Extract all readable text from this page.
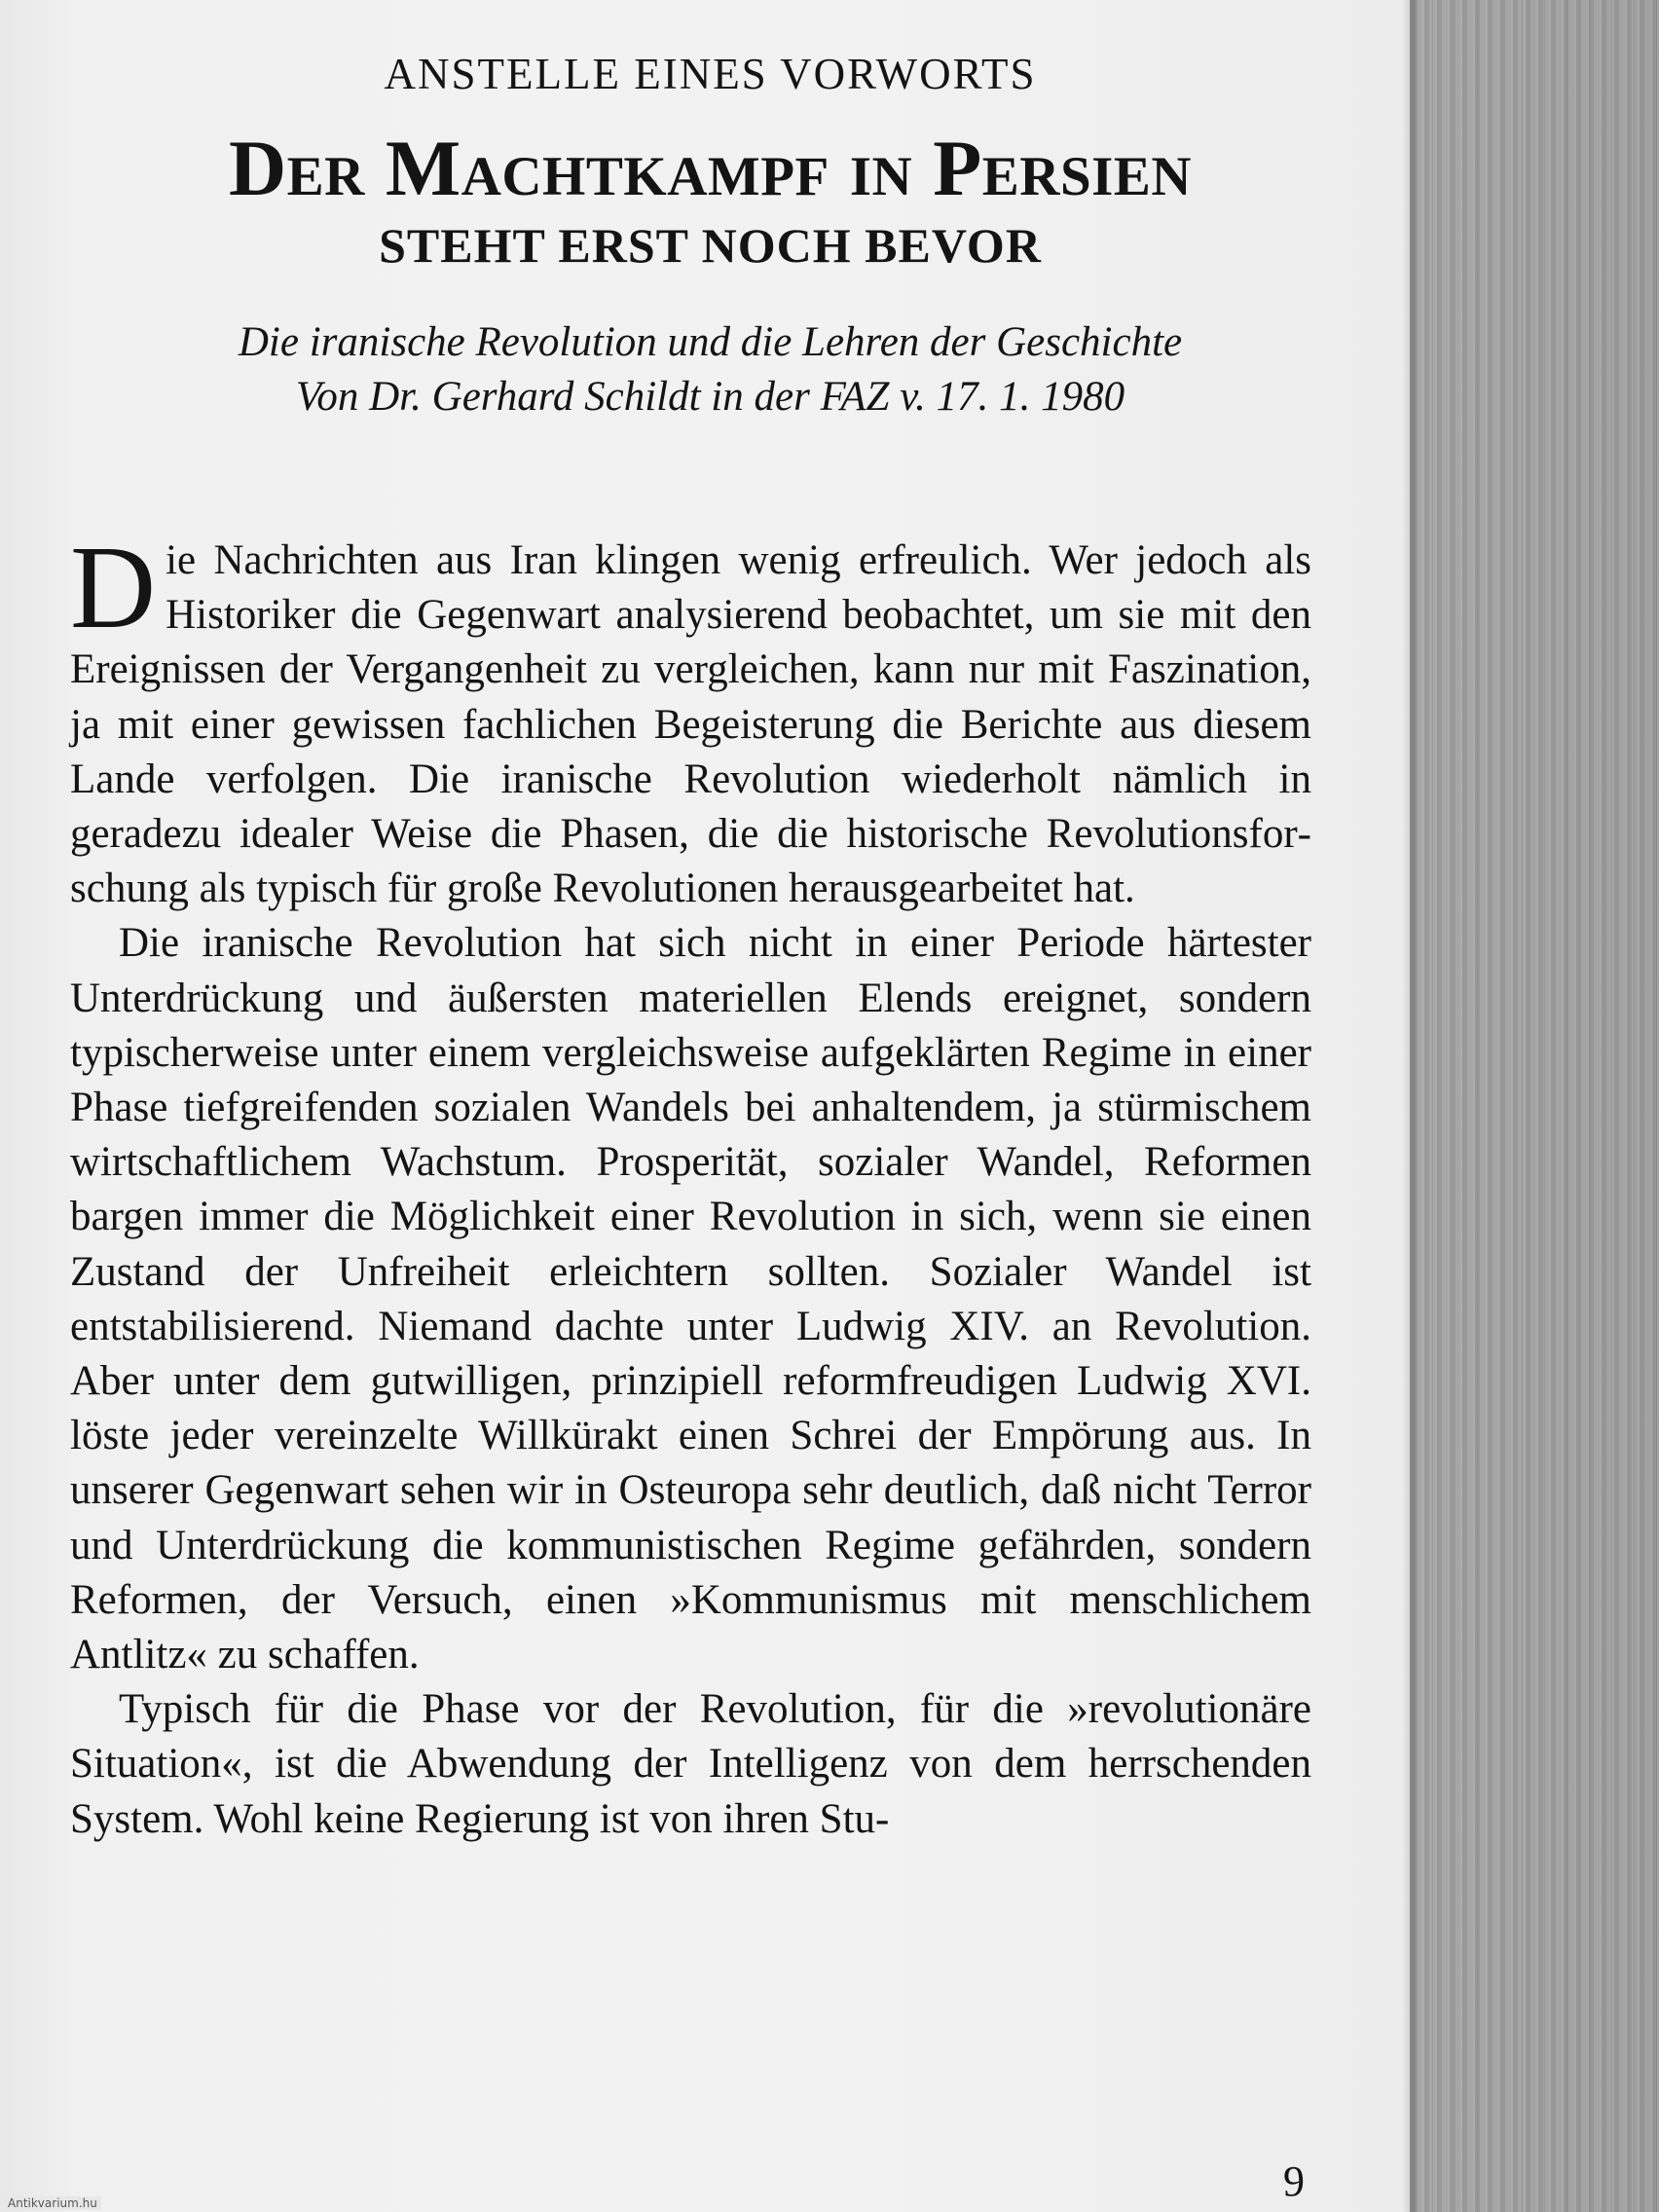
ANSTELLE EINES VORWORTS

Der Machtkampf in Persien
STEHT ERST NOCH BEVOR
Die iranische Revolution und die Lehren der Geschichte
Von Dr. Gerhard Schildt in der FAZ v. 17. 1. 1980

Die Nachrichten aus Iran klingen wenig erfreulich. Wer jedoch als Historiker die Gegenwart analysierend beobachtet, um sie mit den Ereignissen der Vergangenheit zu vergleichen, kann nur mit Faszination, ja mit einer gewissen fachlichen Begeisterung die Berichte aus diesem Lande verfolgen. Die iranische Revolution wiederholt nämlich in geradezu idealer Weise die Phasen, die die historische Revolutionsforschung als typisch für große Revolutionen herausgearbeitet hat.

Die iranische Revolution hat sich nicht in einer Periode härtester Unterdrückung und äußersten materiellen Elends ereignet, sondern typischerweise unter einem vergleichsweise aufgeklärten Regime in einer Phase tiefgreifenden sozialen Wandels bei anhaltendem, ja stürmischem wirtschaftlichem Wachstum. Prosperität, sozialer Wandel, Reformen bargen immer die Möglichkeit einer Revolution in sich, wenn sie einen Zustand der Unfreiheit erleichtern sollten. Sozialer Wandel ist entstabilisierend. Niemand dachte unter Ludwig XIV. an Revolution. Aber unter dem gutwilligen, prinzipiell reformfreudigen Ludwig XVI. löste jeder vereinzelte Willkürakt einen Schrei der Empörung aus. In unserer Gegenwart sehen wir in Osteuropa sehr deutlich, daß nicht Terror und Unterdrückung die kommunistischen Regime gefährden, sondern Reformen, der Versuch, einen »Kommunismus mit menschlichem Antlitz« zu schaffen.

Typisch für die Phase vor der Revolution, für die »revolutionäre Situation«, ist die Abwendung der Intelligenz von dem herrschenden System. Wohl keine Regierung ist von ihren Stu-

9
Antikvarium.hu
